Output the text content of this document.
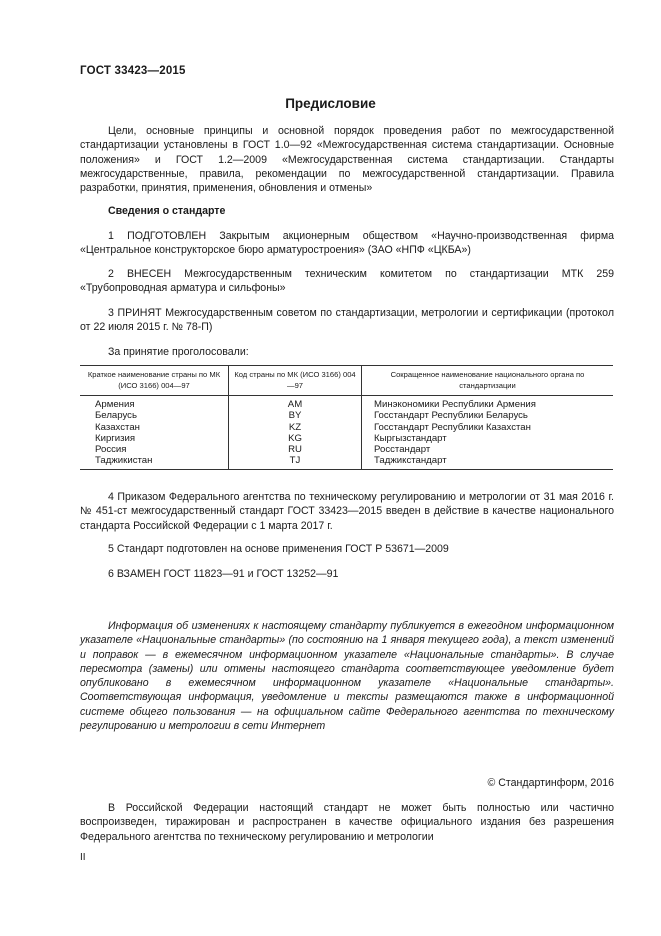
ГОСТ 33423—2015
Предисловие

Цели, основные принципы и основной порядок проведения работ по межгосударственной стандартизации установлены в ГОСТ 1.0—92 «Межгосударственная система стандартизации. Основные положения» и ГОСТ 1.2—2009 «Межгосударственная система стандартизации. Стандарты межгосударственные, правила, рекомендации по межгосударственной стандартизации. Правила разработки, принятия, применения, обновления и отмены»

Сведения о стандарте

1 ПОДГОТОВЛЕН Закрытым акционерным обществом «Научно-производственная фирма «Центральное конструкторское бюро арматуростроения» (ЗАО «НПФ «ЦКБА»)

2 ВНЕСЕН Межгосударственным техническим комитетом по стандартизации МТК 259 «Трубопроводная арматура и сильфоны»

3 ПРИНЯТ Межгосударственным советом по стандартизации, метрологии и сертификации (протокол от 22 июля 2015 г. № 78-П)

За принятие проголосовали:

Краткое наименование страны по МК (ИСО 3166) 004—97	Код страны по МК (ИСО 3166) 004—97	Сокращенное наименование национального органа по стандартизации
Армения	AM	Минэкономики Республики Армения
Беларусь	BY	Госстандарт Республики Беларусь
Казахстан	KZ	Госстандарт Республики Казахстан
Киргизия	KG	Кыргызстандарт
Россия	RU	Росстандарт
Таджикистан	TJ	Таджикстандарт

4 Приказом Федерального агентства по техническому регулированию и метрологии от 31 мая 2016 г. № 451-ст межгосударственный стандарт ГОСТ 33423—2015 введен в действие в качестве национального стандарта Российской Федерации с 1 марта 2017 г.

5 Стандарт подготовлен на основе применения ГОСТ Р 53671—2009

6 ВЗАМЕН ГОСТ 11823—91 и ГОСТ 13252—91

Информация об изменениях к настоящему стандарту публикуется в ежегодном информационном указателе «Национальные стандарты» (по состоянию на 1 января текущего года), а текст изменений и поправок — в ежемесячном информационном указателе «Национальные стандарты». В случае пересмотра (замены) или отмены настоящего стандарта соответствующее уведомление будет опубликовано в ежемесячном информационном указателе «Национальные стандарты». Соответствующая информация, уведомление и тексты размещаются также в информационной системе общего пользования — на официальном сайте Федерального агентства по техническому регулированию и метрологии в сети Интернет

© Стандартинформ, 2016

В Российской Федерации настоящий стандарт не может быть полностью или частично воспроизведен, тиражирован и распространен в качестве официального издания без разрешения Федерального агентства по техническому регулированию и метрологии

II
